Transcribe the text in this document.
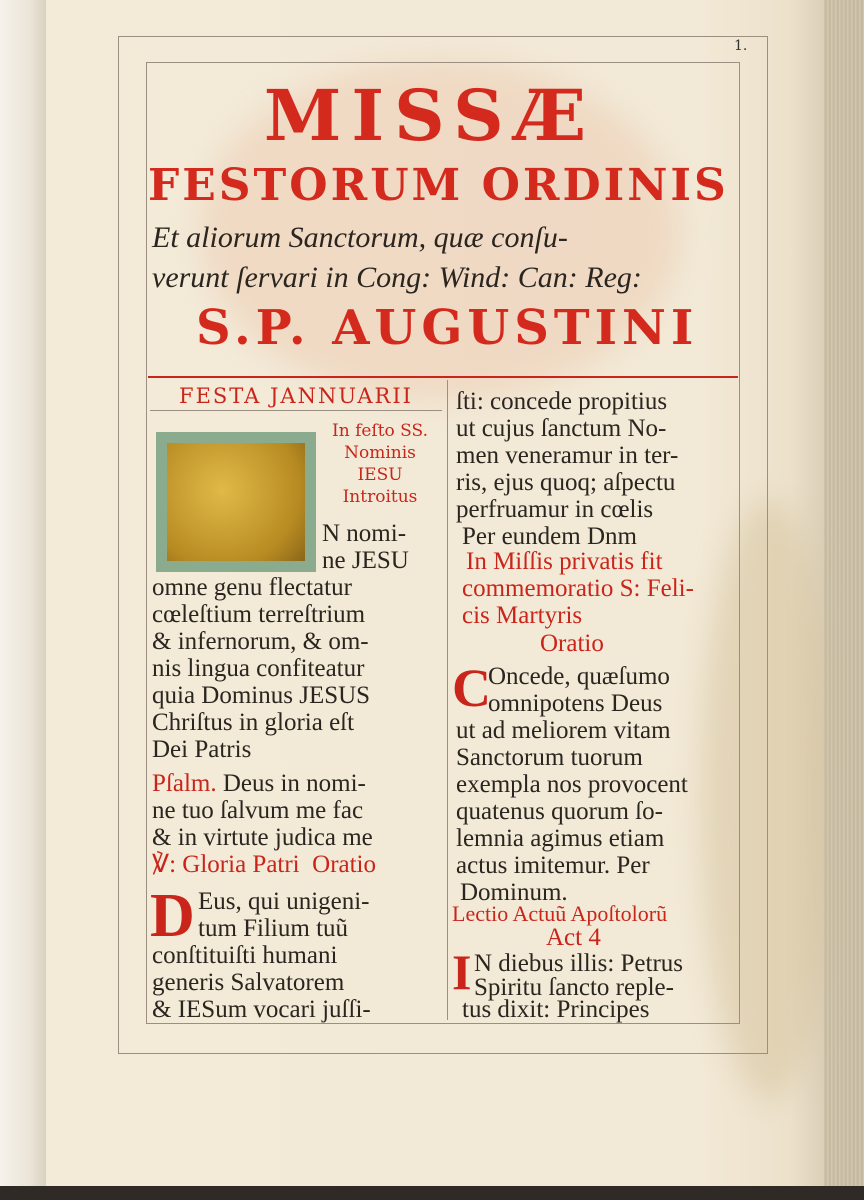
1.
MISSÆ
FESTORUM ORDINIS
Et aliorum Sanctorum, quæ conſu-
verunt ſervari in Cong: Wind: Can: Reg:
S.P. AUGUSTINI
FESTA JANNUARII
In feſto SS.
Nominis
IESU
Introitus
N nomi-
ne JESU
omne genu flectatur
cœleſtium terreſtrium
& infernorum, & om-
nis lingua confiteatur
quia Dominus JESUS
Chriſtus in gloria eſt
Dei Patris
Pſalm. Deus in nomi-
ne tuo ſalvum me fac
& in virtute judica me
℣: Gloria Patri Oratio
D Eus, qui unigeni-
tum Filium tuũ
conſtituiſti humani
generis Salvatorem
& IESum vocari juſſi-
ſti: concede propitius
ut cujus ſanctum No-
men veneramur in ter-
ris, ejus quoq; aſpectu
perfruamur in cœlis
Per eundem Dnm
In Miſſis privatis fit
commemoratio S: Feli-
cis Martyris
Oratio
C
Oncede, quæſumo
omnipotens Deus
ut ad meliorem vitam
Sanctorum tuorum
exempla nos provocent
quatenus quorum ſo-
lemnia agimus etiam
actus imitemur. Per
Dominum.
Lectio Actuũ Apoſtolorũ
Act 4
I N diebus illis: Petrus
Spiritu ſancto reple-
tus dixit: Principes
